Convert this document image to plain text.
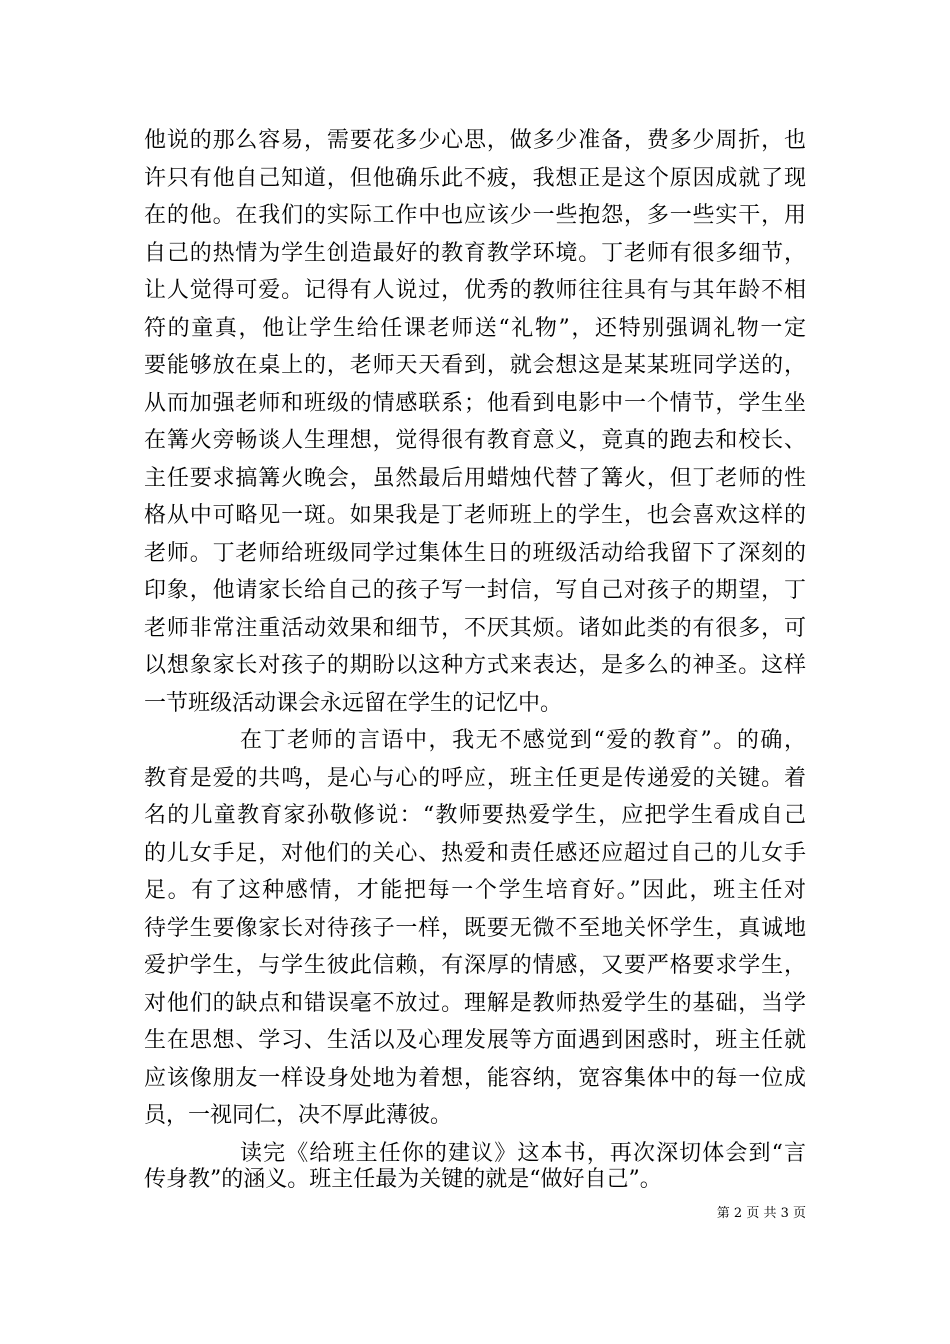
他说的那么容易，需要花多少心思，做多少准备，费多少周折，也
许只有他自己知道，但他确乐此不疲，我想正是这个原因成就了现
在的他。在我们的实际工作中也应该少一些抱怨，多一些实干，用
自己的热情为学生创造最好的教育教学环境。丁老师有很多细节，
让人觉得可爱。记得有人说过，优秀的教师往往具有与其年龄不相
符的童真，他让学生给任课老师送“礼物”，还特别强调礼物一定
要能够放在桌上的，老师天天看到，就会想这是某某班同学送的，
从而加强老师和班级的情感联系；他看到电影中一个情节，学生坐
在篝火旁畅谈人生理想，觉得很有教育意义，竟真的跑去和校长、
主任要求搞篝火晚会，虽然最后用蜡烛代替了篝火，但丁老师的性
格从中可略见一斑。如果我是丁老师班上的学生，也会喜欢这样的
老师。丁老师给班级同学过集体生日的班级活动给我留下了深刻的
印象，他请家长给自己的孩子写一封信，写自己对孩子的期望，丁
老师非常注重活动效果和细节，不厌其烦。诸如此类的有很多，可
以想象家长对孩子的期盼以这种方式来表达，是多么的神圣。这样
一节班级活动课会永远留在学生的记忆中。
在丁老师的言语中，我无不感觉到“爱的教育”。的确，
教育是爱的共鸣，是心与心的呼应，班主任更是传递爱的关键。着
名的儿童教育家孙敬修说：“教师要热爱学生，应把学生看成自己
的儿女手足，对他们的关心、热爱和责任感还应超过自己的儿女手
足。有了这种感情，才能把每一个学生培育好。”因此，班主任对
待学生要像家长对待孩子一样，既要无微不至地关怀学生，真诚地
爱护学生，与学生彼此信赖，有深厚的情感，又要严格要求学生，
对他们的缺点和错误毫不放过。理解是教师热爱学生的基础，当学
生在思想、学习、生活以及心理发展等方面遇到困惑时，班主任就
应该像朋友一样设身处地为着想，能容纳，宽容集体中的每一位成
员，一视同仁，决不厚此薄彼。
读完《给班主任你的建议》这本书，再次深切体会到“言
传身教”的涵义。班主任最为关键的就是“做好自己”。
第 2 页 共 3 页
